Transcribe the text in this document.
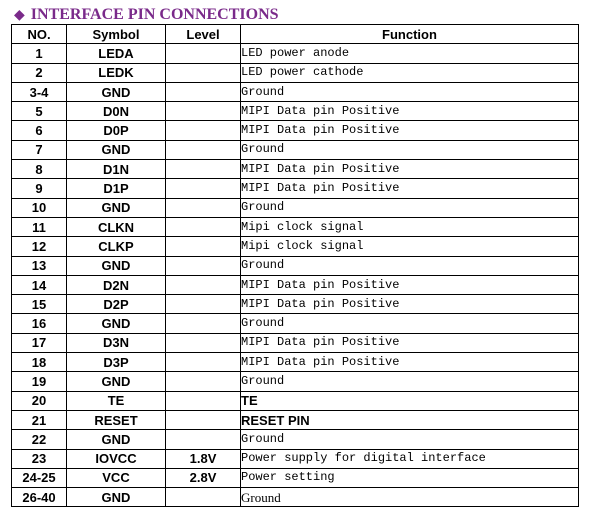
◆ INTERFACE PIN CONNECTIONS
NO.	Symbol	Level	Function
1	LEDA		LED power anode
2	LEDK		LED power cathode
3-4	GND		Ground
5	D0N		MIPI Data pin Positive
6	D0P		MIPI Data pin Positive
7	GND		Ground
8	D1N		MIPI Data pin Positive
9	D1P		MIPI Data pin Positive
10	GND		Ground
11	CLKN		Mipi clock signal
12	CLKP		Mipi clock signal
13	GND		Ground
14	D2N		MIPI Data pin Positive
15	D2P		MIPI Data pin Positive
16	GND		Ground
17	D3N		MIPI Data pin Positive
18	D3P		MIPI Data pin Positive
19	GND		Ground
20	TE		TE
21	RESET		RESET PIN
22	GND		Ground
23	IOVCC	1.8V	Power supply for digital interface
24-25	VCC	2.8V	Power setting
26-40	GND		Ground
